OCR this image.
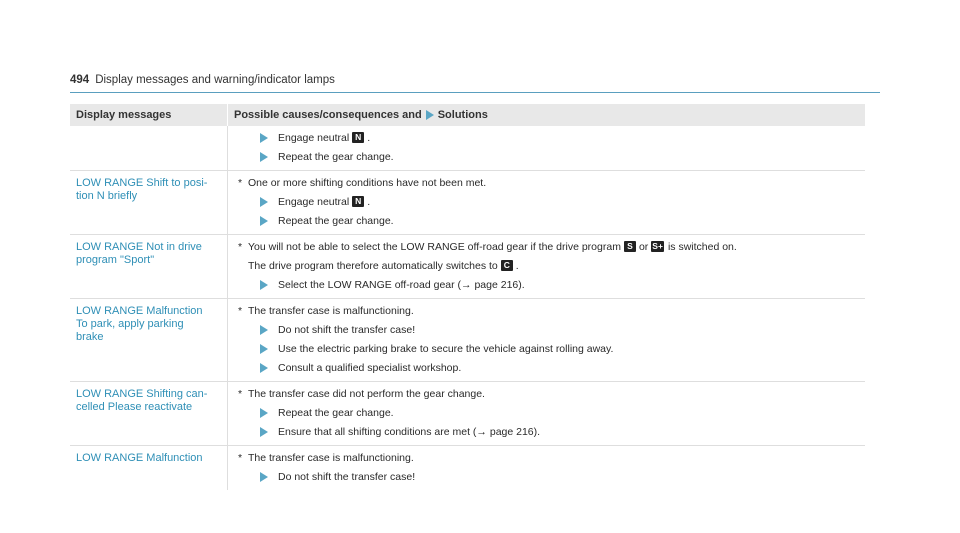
494 Display messages and warning/indicator lamps
Display messages	Possible causes/consequences and Solutions
Engage neutral N .
Repeat the gear change.
LOW RANGE Shift to posi-
tion N briefly
* One or more shifting conditions have not been met.
Engage neutral N .
Repeat the gear change.
LOW RANGE Not in drive
program "Sport"
* You will not be able to select the LOW RANGE off-road gear if the drive program S or S+ is switched on.
The drive program therefore automatically switches to C .
Select the LOW RANGE off-road gear (→ page 216).
LOW RANGE Malfunction
To park, apply parking
brake
* The transfer case is malfunctioning.
Do not shift the transfer case!
Use the electric parking brake to secure the vehicle against rolling away.
Consult a qualified specialist workshop.
LOW RANGE Shifting can-
celled Please reactivate
* The transfer case did not perform the gear change.
Repeat the gear change.
Ensure that all shifting conditions are met (→ page 216).
LOW RANGE Malfunction	* The transfer case is malfunctioning.
Do not shift the transfer case!
